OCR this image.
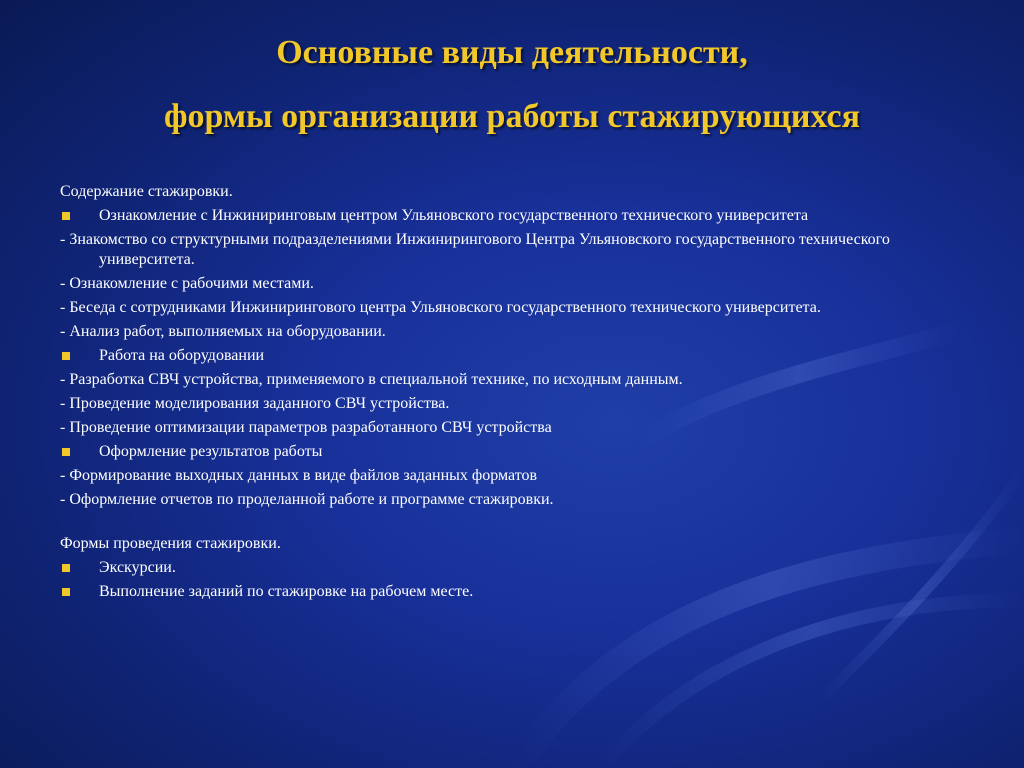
Основные виды деятельности,
формы организации работы стажирующихся
Содержание стажировки.
Ознакомление с Инжиниринговым центром Ульяновского государственного технического университета
- Знакомство со структурными подразделениями Инжинирингового Центра Ульяновского государственного технического университета.
- Ознакомление с рабочими местами.
- Беседа с сотрудниками Инжинирингового центра Ульяновского государственного технического университета.
- Анализ работ, выполняемых на оборудовании.
Работа на оборудовании
- Разработка СВЧ устройства, применяемого в специальной технике, по исходным данным.
- Проведение моделирования заданного СВЧ устройства.
- Проведение оптимизации параметров разработанного СВЧ устройства
Оформление результатов работы
- Формирование выходных данных в виде файлов заданных форматов
- Оформление отчетов по проделанной работе и программе стажировки.
Формы проведения стажировки.
Экскурсии.
Выполнение заданий по стажировке на рабочем месте.
